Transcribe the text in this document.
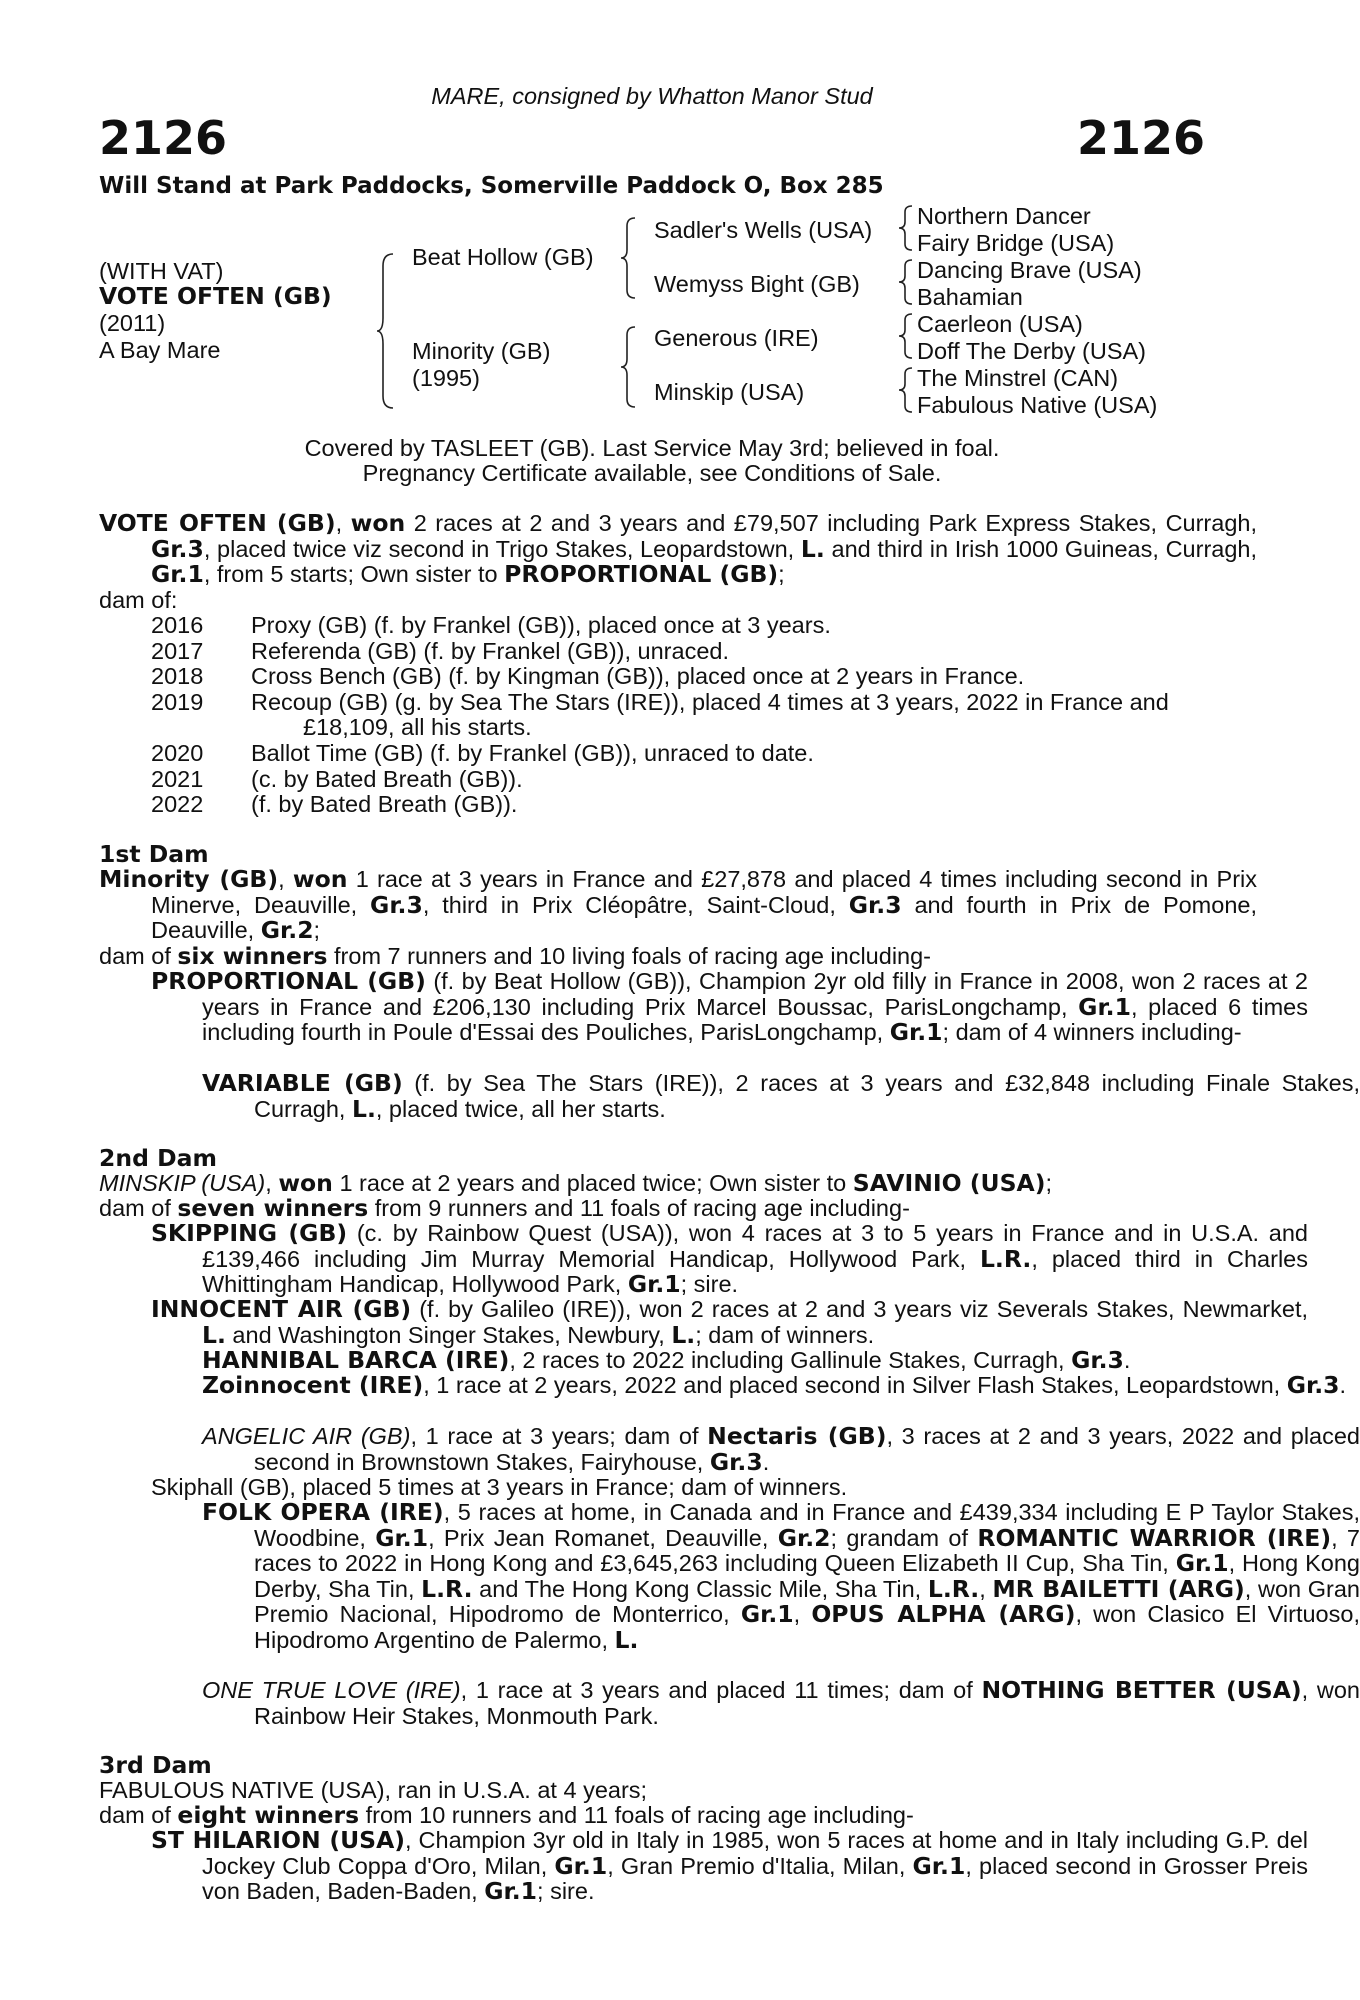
MARE, consigned by Whatton Manor Stud
2126	2126
Will Stand at Park Paddocks, Somerville Paddock O, Box 285
(WITH VAT)
VOTE OFTEN (GB)
(2011)
A Bay Mare
Beat Hollow (GB)
Minority (GB)
(1995)
Sadler's Wells (USA)
Wemyss Bight (GB)
Generous (IRE)
Minskip (USA)
Northern Dancer
Fairy Bridge (USA)
Dancing Brave (USA)
Bahamian
Caerleon (USA)
Doff The Derby (USA)
The Minstrel (CAN)
Fabulous Native (USA)
Covered by TASLEET (GB). Last Service May 3rd; believed in foal.
Pregnancy Certificate available, see Conditions of Sale.
VOTE OFTEN (GB), won 2 races at 2 and 3 years and £79,507 including Park Express Stakes, Curragh, Gr.3, placed twice viz second in Trigo Stakes, Leopardstown, L. and third in Irish 1000 Guineas, Curragh, Gr.1, from 5 starts; Own sister to PROPORTIONAL (GB);
dam of:
2016	Proxy (GB) (f. by Frankel (GB)), placed once at 3 years.
2017	Referenda (GB) (f. by Frankel (GB)), unraced.
2018	Cross Bench (GB) (f. by Kingman (GB)), placed once at 2 years in France.
2019	Recoup (GB) (g. by Sea The Stars (IRE)), placed 4 times at 3 years, 2022 in France and £18,109, all his starts.
2020	Ballot Time (GB) (f. by Frankel (GB)), unraced to date.
2021	(c. by Bated Breath (GB)).
2022	(f. by Bated Breath (GB)).
1st Dam
Minority (GB), won 1 race at 3 years in France and £27,878 and placed 4 times including second in Prix Minerve, Deauville, Gr.3, third in Prix Cléopâtre, Saint-Cloud, Gr.3 and fourth in Prix de Pomone, Deauville, Gr.2;
dam of six winners from 7 runners and 10 living foals of racing age including-
PROPORTIONAL (GB) (f. by Beat Hollow (GB)), Champion 2yr old filly in France in 2008, won 2 races at 2 years in France and £206,130 including Prix Marcel Boussac, ParisLongchamp, Gr.1, placed 6 times including fourth in Poule d'Essai des Pouliches, ParisLongchamp, Gr.1; dam of 4 winners including-
VARIABLE (GB) (f. by Sea The Stars (IRE)), 2 races at 3 years and £32,848 including Finale Stakes, Curragh, L., placed twice, all her starts.
2nd Dam
MINSKIP (USA), won 1 race at 2 years and placed twice; Own sister to SAVINIO (USA);
dam of seven winners from 9 runners and 11 foals of racing age including-
SKIPPING (GB) (c. by Rainbow Quest (USA)), won 4 races at 3 to 5 years in France and in U.S.A. and £139,466 including Jim Murray Memorial Handicap, Hollywood Park, L.R., placed third in Charles Whittingham Handicap, Hollywood Park, Gr.1; sire.
INNOCENT AIR (GB) (f. by Galileo (IRE)), won 2 races at 2 and 3 years viz Severals Stakes, Newmarket, L. and Washington Singer Stakes, Newbury, L.; dam of winners.
HANNIBAL BARCA (IRE), 2 races to 2022 including Gallinule Stakes, Curragh, Gr.3.
Zoinnocent (IRE), 1 race at 2 years, 2022 and placed second in Silver Flash Stakes, Leopardstown, Gr.3.
ANGELIC AIR (GB), 1 race at 3 years; dam of Nectaris (GB), 3 races at 2 and 3 years, 2022 and placed second in Brownstown Stakes, Fairyhouse, Gr.3.
Skiphall (GB), placed 5 times at 3 years in France; dam of winners.
FOLK OPERA (IRE), 5 races at home, in Canada and in France and £439,334 including E P Taylor Stakes, Woodbine, Gr.1, Prix Jean Romanet, Deauville, Gr.2; grandam of ROMANTIC WARRIOR (IRE), 7 races to 2022 in Hong Kong and £3,645,263 including Queen Elizabeth II Cup, Sha Tin, Gr.1, Hong Kong Derby, Sha Tin, L.R. and The Hong Kong Classic Mile, Sha Tin, L.R., MR BAILETTI (ARG), won Gran Premio Nacional, Hipodromo de Monterrico, Gr.1, OPUS ALPHA (ARG), won Clasico El Virtuoso, Hipodromo Argentino de Palermo, L.
ONE TRUE LOVE (IRE), 1 race at 3 years and placed 11 times; dam of NOTHING BETTER (USA), won Rainbow Heir Stakes, Monmouth Park.
3rd Dam
FABULOUS NATIVE (USA), ran in U.S.A. at 4 years;
dam of eight winners from 10 runners and 11 foals of racing age including-
ST HILARION (USA), Champion 3yr old in Italy in 1985, won 5 races at home and in Italy including G.P. del Jockey Club Coppa d'Oro, Milan, Gr.1, Gran Premio d'Italia, Milan, Gr.1, placed second in Grosser Preis von Baden, Baden-Baden, Gr.1; sire.
